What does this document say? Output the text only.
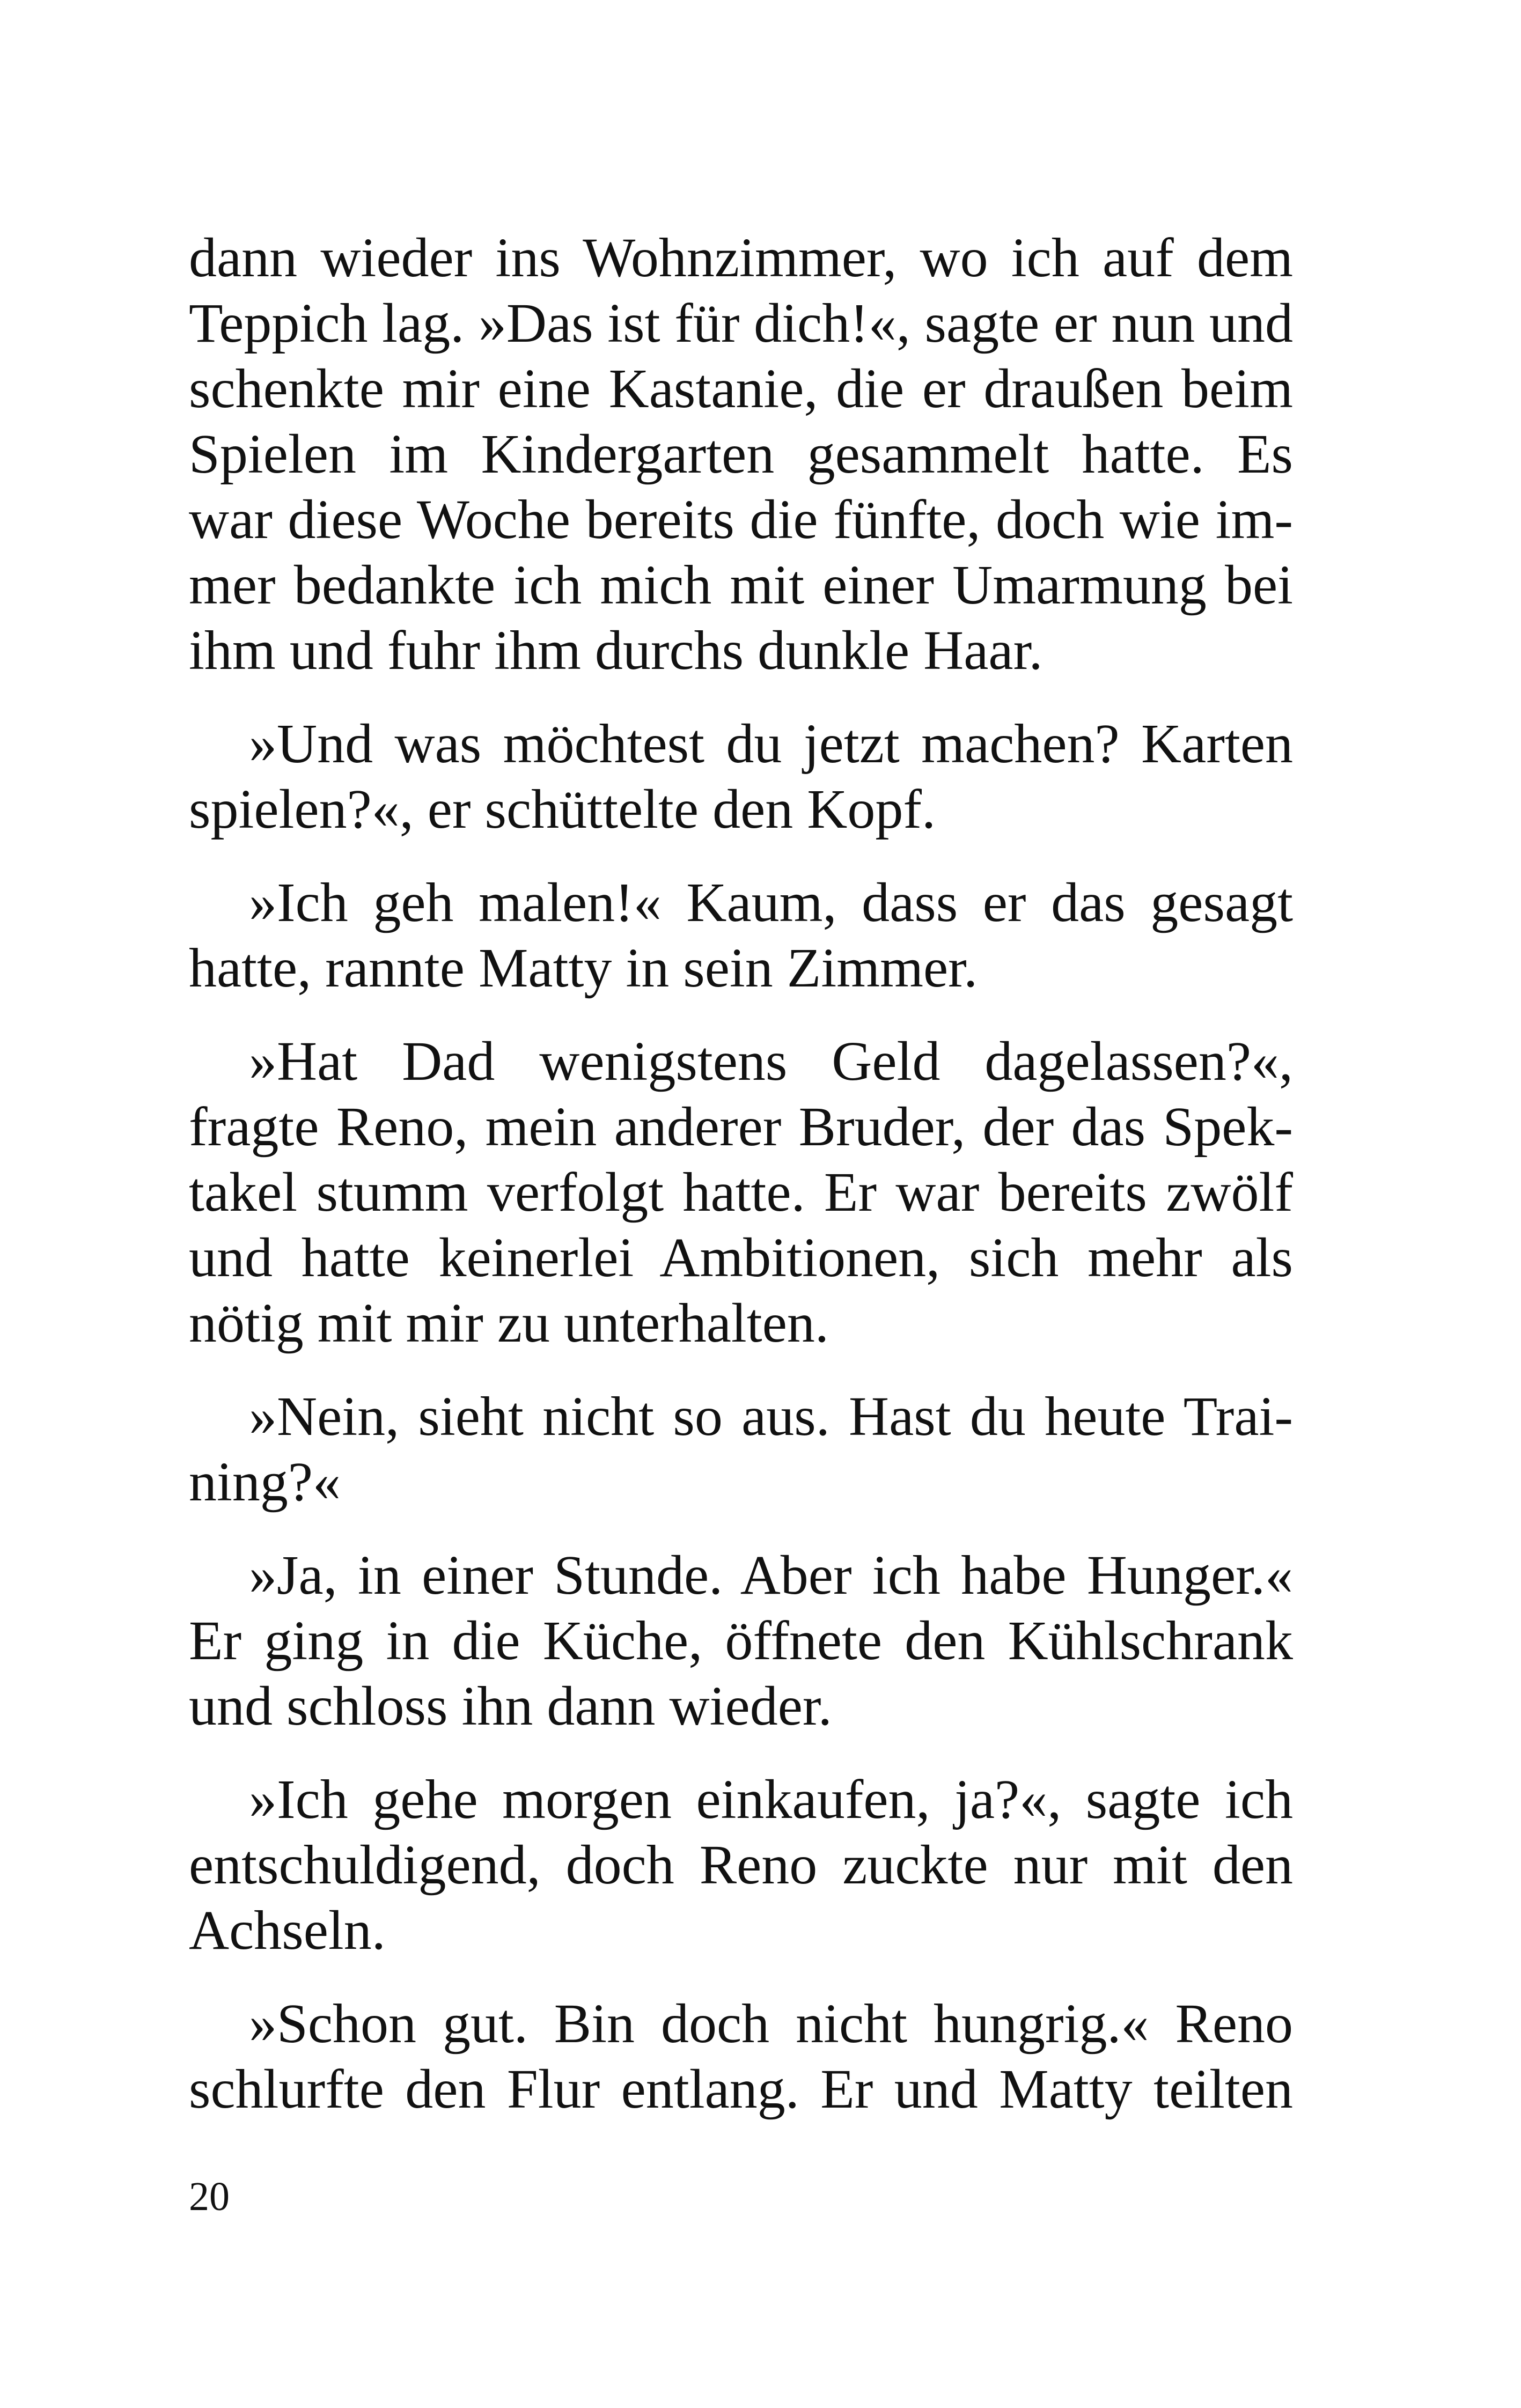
dann wieder ins Wohnzimmer, wo ich auf dem
Teppich lag. »Das ist für dich!«, sagte er nun und
schenkte mir eine Kastanie, die er draußen beim
Spielen im Kindergarten gesammelt hatte. Es
war diese Woche bereits die fünfte, doch wie im-
mer bedankte ich mich mit einer Umarmung bei
ihm und fuhr ihm durchs dunkle Haar.

»Und was möchtest du jetzt machen? Karten
spielen?«, er schüttelte den Kopf.

»Ich geh malen!« Kaum, dass er das gesagt
hatte, rannte Matty in sein Zimmer.

»Hat Dad wenigstens Geld dagelassen?«,
fragte Reno, mein anderer Bruder, der das Spek-
takel stumm verfolgt hatte. Er war bereits zwölf
und hatte keinerlei Ambitionen, sich mehr als
nötig mit mir zu unterhalten.

»Nein, sieht nicht so aus. Hast du heute Trai-
ning?«

»Ja, in einer Stunde. Aber ich habe Hunger.«
Er ging in die Küche, öffnete den Kühlschrank
und schloss ihn dann wieder.

»Ich gehe morgen einkaufen, ja?«, sagte ich
entschuldigend, doch Reno zuckte nur mit den
Achseln.

»Schon gut. Bin doch nicht hungrig.« Reno
schlurfte den Flur entlang. Er und Matty teilten

20
